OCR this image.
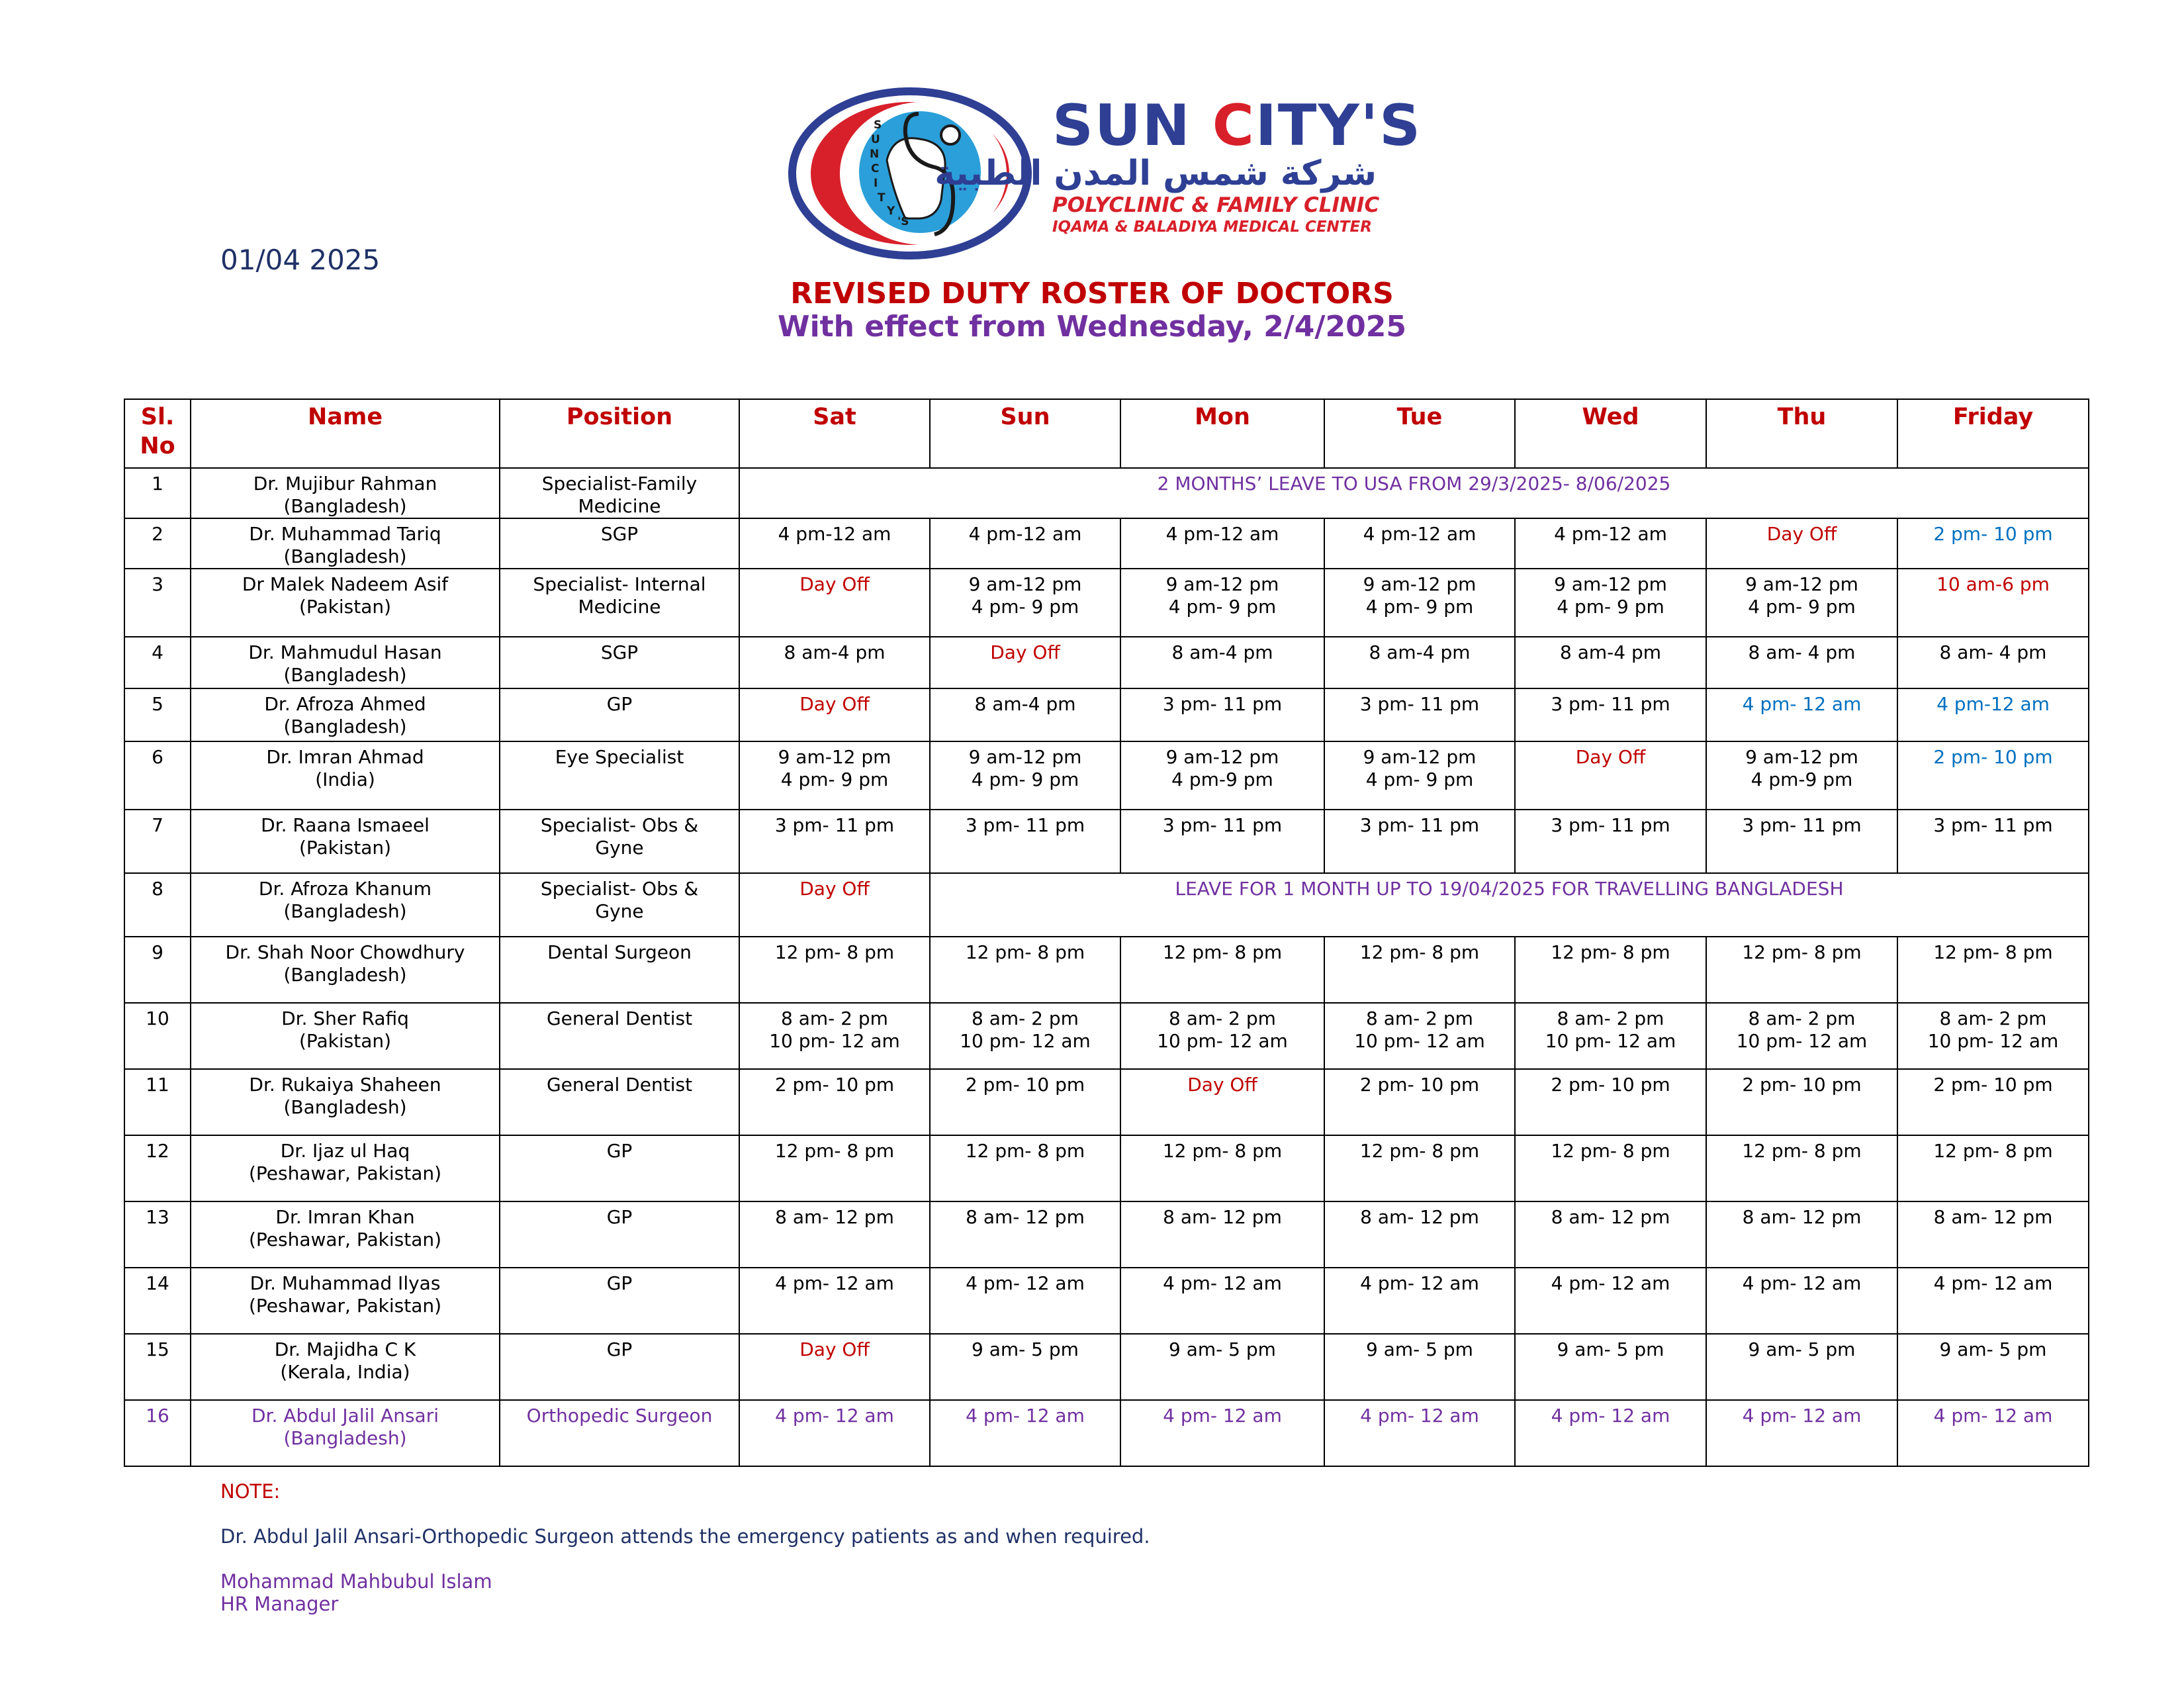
S
U
N
C
I
T
Y
'S
SUN CITY'S
شركة شمس المدن الطبية
POLYCLINIC & FAMILY CLINIC
IQAMA & BALADIYA MEDICAL CENTER
01/04 2025
REVISED DUTY ROSTER OF DOCTORS
With effect from Wednesday, 2/4/2025
Sl.
No	Name	Position	Sat	Sun	Mon	Tue	Wed	Thu	Friday

1	Dr. Mujibur Rahman
(Bangladesh)	Specialist-Family
Medicine	2 MONTHS’ LEAVE TO USA FROM 29/3/2025- 8/06/2025						
2	Dr. Muhammad Tariq
(Bangladesh)	SGP	4 pm-12 am	4 pm-12 am	4 pm-12 am	4 pm-12 am	4 pm-12 am	Day Off	2 pm- 10 pm

3	Dr Malek Nadeem Asif
(Pakistan)	Specialist- Internal
Medicine	Day Off	9 am-12 pm
4 pm- 9 pm	9 am-12 pm
4 pm- 9 pm	9 am-12 pm
4 pm- 9 pm	9 am-12 pm
4 pm- 9 pm	9 am-12 pm
4 pm- 9 pm	10 am-6 pm

4	Dr. Mahmudul Hasan
(Bangladesh)	SGP	8 am-4 pm	Day Off	8 am-4 pm	8 am-4 pm	8 am-4 pm	8 am- 4 pm	8 am- 4 pm

5	Dr. Afroza Ahmed
(Bangladesh)	GP	Day Off	8 am-4 pm	3 pm- 11 pm	3 pm- 11 pm	3 pm- 11 pm	4 pm- 12 am	4 pm-12 am

6	Dr. Imran Ahmad
(India)	Eye Specialist	9 am-12 pm
4 pm- 9 pm	9 am-12 pm
4 pm- 9 pm	9 am-12 pm
4 pm-9 pm	9 am-12 pm
4 pm- 9 pm	Day Off	9 am-12 pm
4 pm-9 pm	2 pm- 10 pm

7	Dr. Raana Ismaeel
(Pakistan)	Specialist- Obs &
Gyne	3 pm- 11 pm	3 pm- 11 pm	3 pm- 11 pm	3 pm- 11 pm	3 pm- 11 pm	3 pm- 11 pm	3 pm- 11 pm

8	Dr. Afroza Khanum
(Bangladesh)	Specialist- Obs &
Gyne	Day Off	LEAVE FOR 1 MONTH UP TO 19/04/2025 FOR TRAVELLING BANGLADESH					
9	Dr. Shah Noor Chowdhury
(Bangladesh)	Dental Surgeon	12 pm- 8 pm	12 pm- 8 pm	12 pm- 8 pm	12 pm- 8 pm	12 pm- 8 pm	12 pm- 8 pm	12 pm- 8 pm

10	Dr. Sher Rafiq
(Pakistan)	General Dentist	8 am- 2 pm
10 pm- 12 am	8 am- 2 pm
10 pm- 12 am	8 am- 2 pm
10 pm- 12 am	8 am- 2 pm
10 pm- 12 am	8 am- 2 pm
10 pm- 12 am	8 am- 2 pm
10 pm- 12 am	8 am- 2 pm
10 pm- 12 am

11	Dr. Rukaiya Shaheen
(Bangladesh)	General Dentist	2 pm- 10 pm	2 pm- 10 pm	Day Off	2 pm- 10 pm	2 pm- 10 pm	2 pm- 10 pm	2 pm- 10 pm

12	Dr. Ijaz ul Haq
(Peshawar, Pakistan)	GP	12 pm- 8 pm	12 pm- 8 pm	12 pm- 8 pm	12 pm- 8 pm	12 pm- 8 pm	12 pm- 8 pm	12 pm- 8 pm

13	Dr. Imran Khan
(Peshawar, Pakistan)	GP	8 am- 12 pm	8 am- 12 pm	8 am- 12 pm	8 am- 12 pm	8 am- 12 pm	8 am- 12 pm	8 am- 12 pm

14	Dr. Muhammad Ilyas
(Peshawar, Pakistan)	GP	4 pm- 12 am	4 pm- 12 am	4 pm- 12 am	4 pm- 12 am	4 pm- 12 am	4 pm- 12 am	4 pm- 12 am

15	Dr. Majidha C K
(Kerala, India)	GP	Day Off	9 am- 5 pm	9 am- 5 pm	9 am- 5 pm	9 am- 5 pm	9 am- 5 pm	9 am- 5 pm

16	Dr. Abdul Jalil Ansari
(Bangladesh)	Orthopedic Surgeon	4 pm- 12 am	4 pm- 12 am	4 pm- 12 am	4 pm- 12 am	4 pm- 12 am	4 pm- 12 am	4 pm- 12 am
NOTE:
Dr. Abdul Jalil Ansari-Orthopedic Surgeon attends the emergency patients as and when required.
Mohammad Mahbubul Islam
HR Manager
